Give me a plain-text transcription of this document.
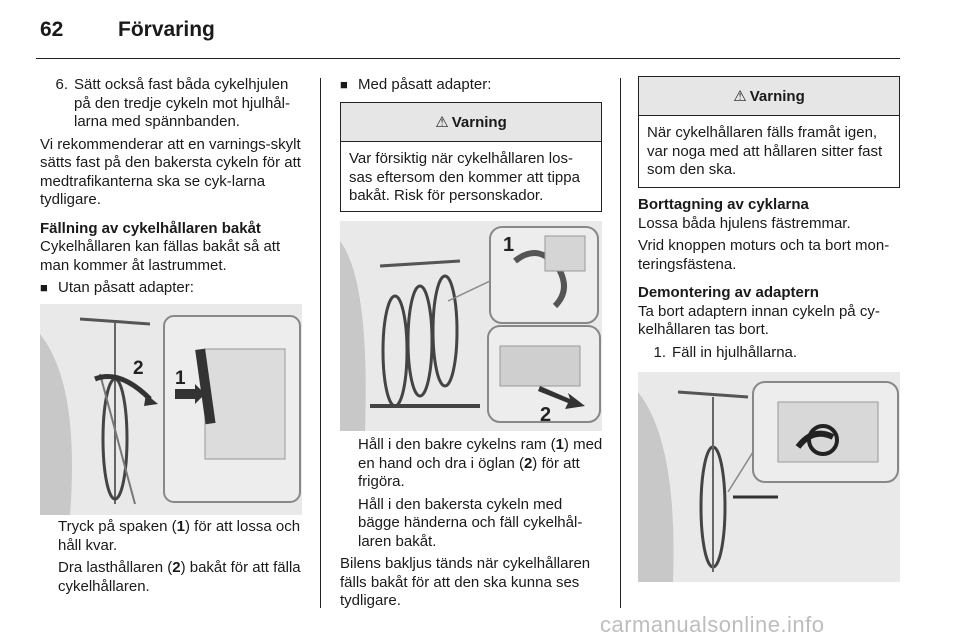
62	Förvaring
6. Sätt också fast båda cykelhjulen på den tredje cykeln mot hjulhål-larna med spännbanden.

Vi rekommenderar att en varnings-skylt sätts fast på den bakersta cykeln för att medtrafikanterna ska se cyk-larna tydligare.

Fällning av cykelhållaren bakåt

Cykelhållaren kan fällas bakåt så att man kommer åt lastrummet.

■ Utan påsatt adapter:
1
2

Tryck på spaken (1) för att lossa och håll kvar.

Dra lasthållaren (2) bakåt för att fälla cykelhållaren.

■ Med påsatt adapter:
⚠ Varning
Var försiktig när cykelhållaren los-sas eftersom den kommer att tippa bakåt. Risk för personskador.
1
2

Håll i den bakre cykelns ram (1) med en hand och dra i öglan (2) för att frigöra.

Håll i den bakersta cykeln med bägge händerna och fäll cykelhål-laren bakåt.

Bilens bakljus tänds när cykelhållaren fälls bakåt för att den ska kunna ses tydligare.

⚠ Varning
När cykelhållaren fälls framåt igen, var noga med att hållaren sitter fast som den ska.

Borttagning av cyklarna

Lossa båda hjulens fästremmar.

Vrid knoppen moturs och ta bort mon-teringsfästena.

Demontering av adaptern

Ta bort adaptern innan cykeln på cy-kelhållaren tas bort.

1. Fäll in hjulhållarna.
carmanualsonline.info
